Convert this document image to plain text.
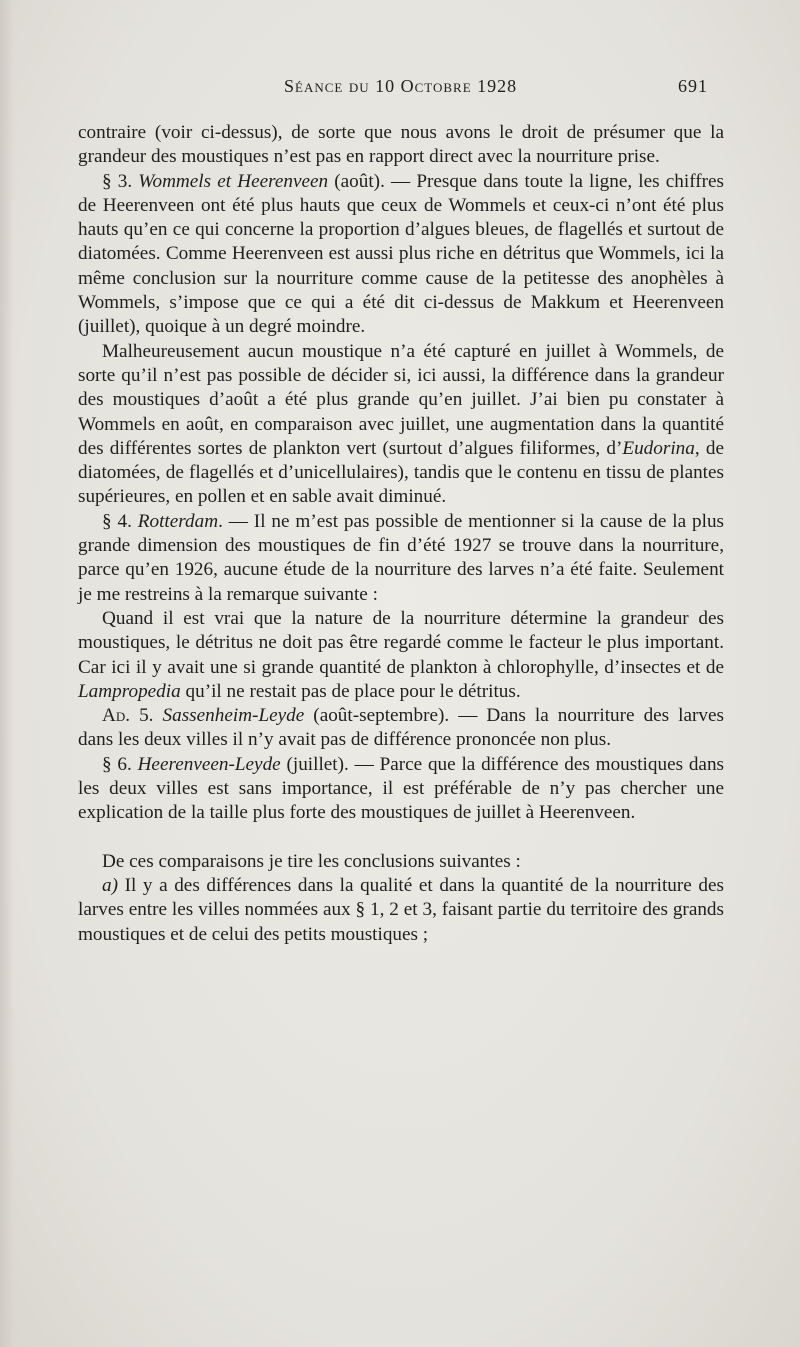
Séance du 10 Octobre 1928	691

contraire (voir ci-dessus), de sorte que nous avons le droit de présumer que la grandeur des moustiques n’est pas en rapport direct avec la nourriture prise.

§ 3. Wommels et Heerenveen (août). — Presque dans toute la ligne, les chiffres de Heerenveen ont été plus hauts que ceux de Wommels et ceux-ci n’ont été plus hauts qu’en ce qui concerne la proportion d’algues bleues, de flagellés et surtout de diatomées. Comme Heerenveen est aussi plus riche en détritus que Wommels, ici la même conclusion sur la nourriture comme cause de la petitesse des anophèles à Wommels, s’impose que ce qui a été dit ci-dessus de Makkum et Heerenveen (juillet), quoique à un degré moindre.

Malheureusement aucun moustique n’a été capturé en juillet à Wommels, de sorte qu’il n’est pas possible de décider si, ici aussi, la différence dans la grandeur des moustiques d’août a été plus grande qu’en juillet. J’ai bien pu constater à Wommels en août, en comparaison avec juillet, une augmentation dans la quantité des différentes sortes de plankton vert (surtout d’algues filiformes, d’Eudorina, de diatomées, de flagellés et d’unicellulaires), tandis que le contenu en tissu de plantes supérieures, en pollen et en sable avait diminué.

§ 4. Rotterdam. — Il ne m’est pas possible de mentionner si la cause de la plus grande dimension des moustiques de fin d’été 1927 se trouve dans la nourriture, parce qu’en 1926, aucune étude de la nourriture des larves n’a été faite. Seulement je me restreins à la remarque suivante :

Quand il est vrai que la nature de la nourriture détermine la grandeur des moustiques, le détritus ne doit pas être regardé comme le facteur le plus important. Car ici il y avait une si grande quantité de plankton à chlorophylle, d’insectes et de Lampropedia qu’il ne restait pas de place pour le détritus.

Ad. 5. Sassenheim-Leyde (août-septembre). — Dans la nourriture des larves dans les deux villes il n’y avait pas de différence prononcée non plus.

§ 6. Heerenveen-Leyde (juillet). — Parce que la différence des moustiques dans les deux villes est sans importance, il est préférable de n’y pas chercher une explication de la taille plus forte des moustiques de juillet à Heerenveen.

De ces comparaisons je tire les conclusions suivantes :

a) Il y a des différences dans la qualité et dans la quantité de la nourriture des larves entre les villes nommées aux § 1, 2 et 3, faisant partie du territoire des grands moustiques et de celui des petits moustiques ;
